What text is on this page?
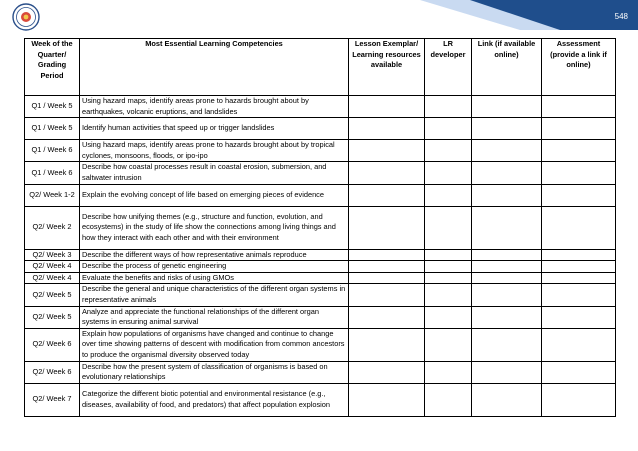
548
Week of the Quarter/ Grading Period	Most Essential Learning Competencies	Lesson Exemplar/ Learning resources available	LR developer	Link (if available online)	Assessment (provide a link if online)
Q1 / Week 5	Using hazard maps, identify areas prone to hazards brought about by earthquakes, volcanic eruptions, and landslides				
Q1 / Week 5	Identify human activities that speed up or trigger landslides				
Q1 / Week 6	Using hazard maps, identify areas prone to hazards brought about by tropical cyclones, monsoons, floods, or ipo-ipo				
Q1 / Week 6	Describe how coastal processes result in coastal erosion, submersion, and saltwater intrusion				
Q2/ Week 1-2	Explain the evolving concept of life based on emerging pieces of evidence				
Q2/ Week 2	Describe how unifying themes (e.g., structure and function, evolution, and ecosystems) in the study of life show the connections among living things and how they interact with each other and with their environment				
Q2/ Week 3	Describe the different ways of how representative animals reproduce				
Q2/ Week 4	Describe the process of genetic engineering				
Q2/ Week 4	Evaluate the benefits and risks of using GMOs				
Q2/ Week 5	Describe the general and unique characteristics of the different organ systems in representative animals				
Q2/ Week 5	Analyze and appreciate the functional relationships of the different organ systems in ensuring animal survival				
Q2/ Week 6	Explain how populations of organisms have changed and continue to change over time showing patterns of descent with modification from common ancestors to produce the organismal diversity observed today				
Q2/ Week 6	Describe how the present system of classification of organisms is based on evolutionary relationships				
Q2/ Week 7	Categorize the different biotic potential and environmental resistance (e.g., diseases, availability of food, and predators) that affect population explosion				
